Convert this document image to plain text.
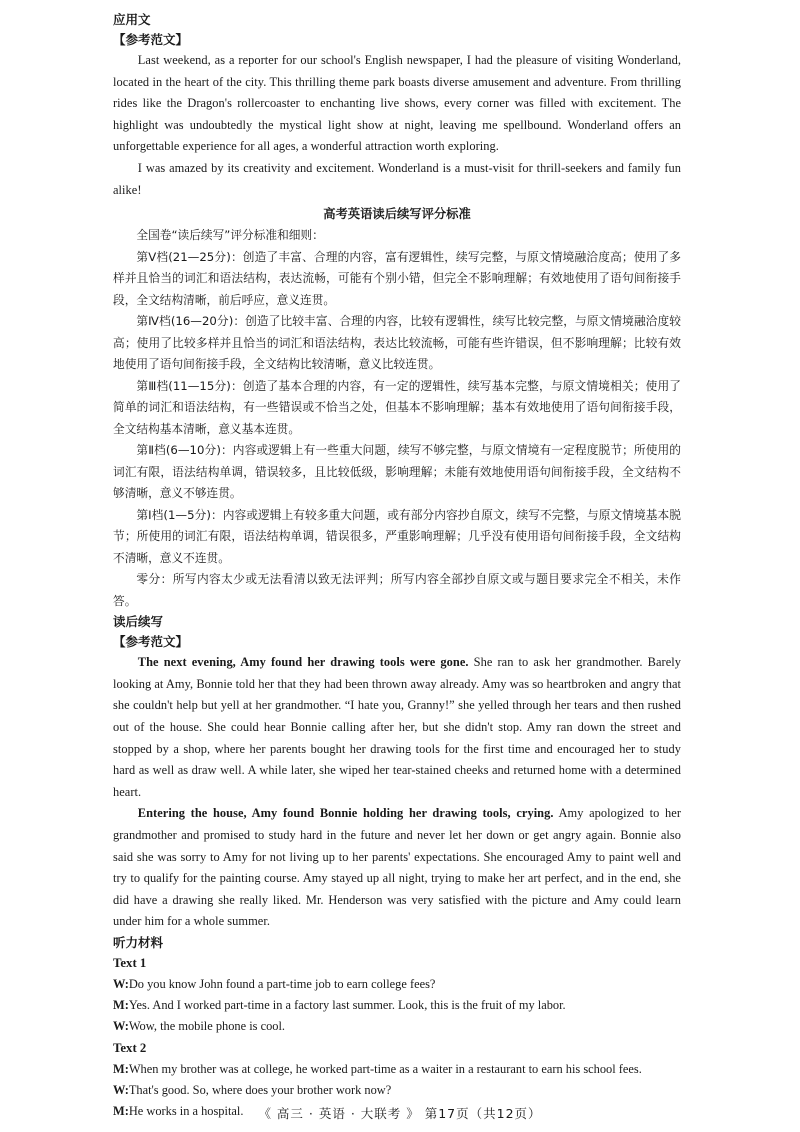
应用文

【参考范文】

Last weekend, as a reporter for our school's English newspaper, I had the pleasure of visiting Wonderland, located in the heart of the city. This thrilling theme park boasts diverse amusement and adventure. From thrilling rides like the Dragon's rollercoaster to enchanting live shows, every corner was filled with excitement. The highlight was undoubtedly the mystical light show at night, leaving me spellbound. Wonderland offers an unforgettable experience for all ages, a wonderful attraction worth exploring.

I was amazed by its creativity and excitement. Wonderland is a must-visit for thrill-seekers and family fun alike!

高考英语读后续写评分标准

全国卷“读后续写”评分标准和细则：

第Ⅴ档(21—25分)：创造了丰富、合理的内容，富有逻辑性，续写完整，与原文情境融洽度高；使用了多样并且恰当的词汇和语法结构，表达流畅，可能有个别小错，但完全不影响理解；有效地使用了语句间衔接手段，全文结构清晰，前后呼应，意义连贯。

第Ⅳ档(16—20分)：创造了比较丰富、合理的内容，比较有逻辑性，续写比较完整，与原文情境融洽度较高；使用了比较多样并且恰当的词汇和语法结构，表达比较流畅，可能有些许错误，但不影响理解；比较有效地使用了语句间衔接手段，全文结构比较清晰，意义比较连贯。

第Ⅲ档(11—15分)：创造了基本合理的内容，有一定的逻辑性，续写基本完整，与原文情境相关；使用了简单的词汇和语法结构，有一些错误或不恰当之处，但基本不影响理解；基本有效地使用了语句间衔接手段，全文结构基本清晰，意义基本连贯。

第Ⅱ档(6—10分)：内容或逻辑上有一些重大问题，续写不够完整，与原文情境有一定程度脱节；所使用的词汇有限，语法结构单调，错误较多，且比较低级，影响理解；未能有效地使用语句间衔接手段，全文结构不够清晰，意义不够连贯。

第Ⅰ档(1—5分)：内容或逻辑上有较多重大问题，或有部分内容抄自原文，续写不完整，与原文情境基本脱节；所使用的词汇有限，语法结构单调，错误很多，严重影响理解；几乎没有使用语句间衔接手段，全文结构不清晰，意义不连贯。

零分：所写内容太少或无法看清以致无法评判；所写内容全部抄自原文或与题目要求完全不相关，未作答。

读后续写

【参考范文】

The next evening, Amy found her drawing tools were gone. She ran to ask her grandmother. Barely looking at Amy, Bonnie told her that they had been thrown away already. Amy was so heartbroken and angry that she couldn't help but yell at her grandmother. “I hate you, Granny!” she yelled through her tears and then rushed out of the house. She could hear Bonnie calling after her, but she didn't stop. Amy ran down the street and stopped by a shop, where her parents bought her drawing tools for the first time and encouraged her to study hard as well as draw well. A while later, she wiped her tear-stained cheeks and returned home with a determined heart.

Entering the house, Amy found Bonnie holding her drawing tools, crying. Amy apologized to her grandmother and promised to study hard in the future and never let her down or get angry again. Bonnie also said she was sorry to Amy for not living up to her parents' expectations. She encouraged Amy to paint well and try to qualify for the painting course. Amy stayed up all night, trying to make her art perfect, and in the end, she did have a drawing she really liked. Mr. Henderson was very satisfied with the picture and Amy could learn under him for a whole summer.

听力材料

Text 1

W:Do you know John found a part-time job to earn college fees?

M:Yes. And I worked part-time in a factory last summer. Look, this is the fruit of my labor.

W:Wow, the mobile phone is cool.

Text 2

M:When my brother was at college, he worked part-time as a waiter in a restaurant to earn his school fees.

W:That's good. So, where does your brother work now?

M:He works in a hospital.	《 高三 · 英语 · 大联考 》 第17页（共12页）
